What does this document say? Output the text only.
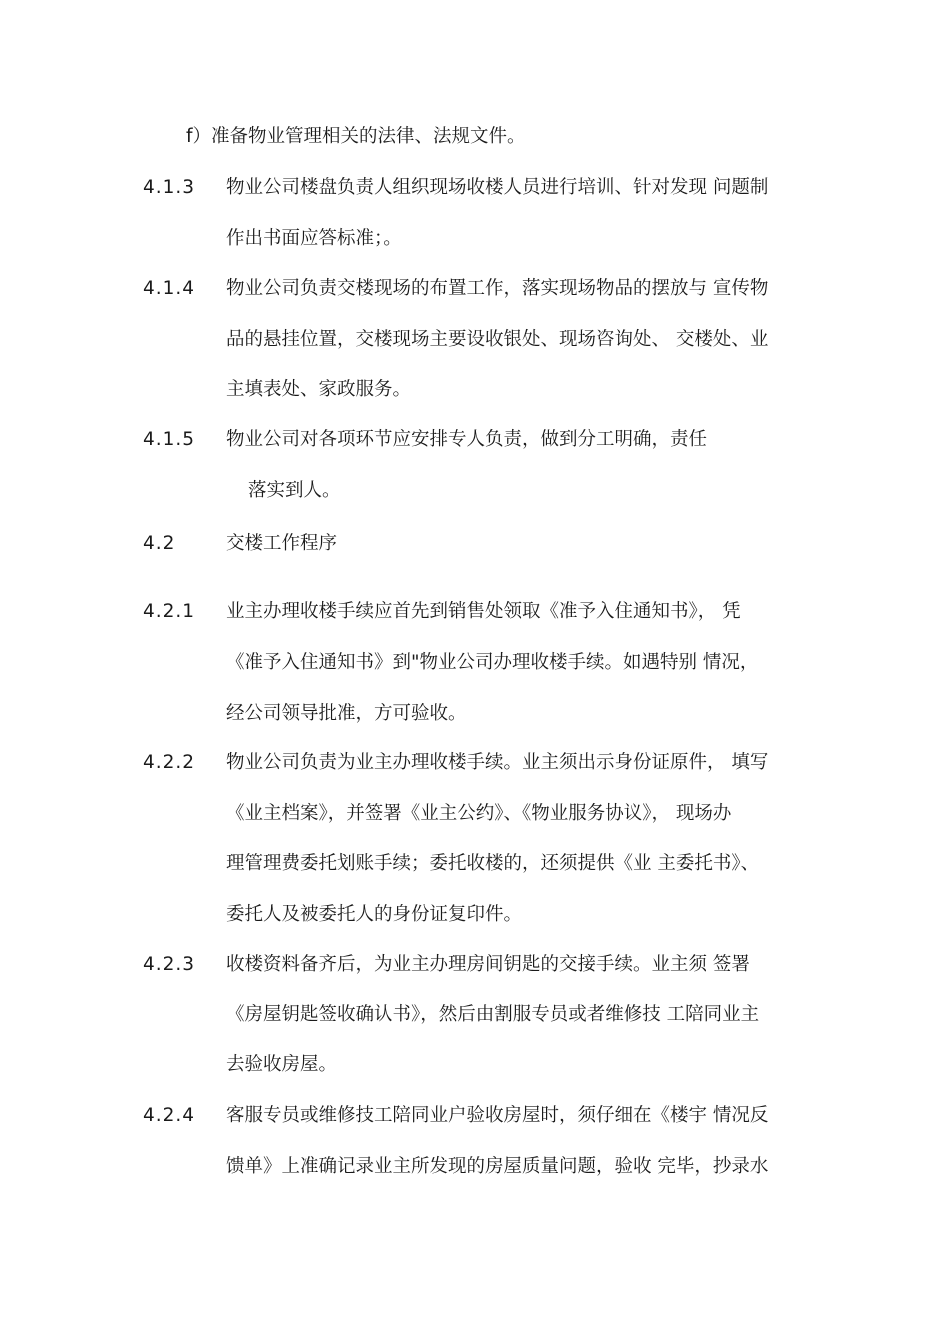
f）准备物业管理相关的法律、法规文件。
4.1.3 物业公司楼盘负责人组织现场收楼人员进行培训、针对发现 问题制
作出书面应答标准；。
4.1.4 物业公司负责交楼现场的布置工作，落实现场物品的摆放与 宣传物
品的悬挂位置，交楼现场主要设收银处、现场咨询处、 交楼处、业
主填表处、家政服务。
4.1.5 物业公司对各项环节应安排专人负责，做到分工明确，责任
落实到人。
4.2	交楼工作程序
4.2.1 业主办理收楼手续应首先到销售处领取《准予入住通知书》， 凭
《准予入住通知书》到"物业公司办理收楼手续。如遇特别 情况，
经公司领导批准，方可验收。
4.2.2 物业公司负责为业主办理收楼手续。业主须出示身份证原件， 填写
《业主档案》，并签署《业主公约》、《物业服务协议》， 现场办
理管理费委托划账手续；委托收楼的，还须提供《业 主委托书》、
委托人及被委托人的身份证复印件。
4.2.3 收楼资料备齐后，为业主办理房间钥匙的交接手续。业主须 签署
《房屋钥匙签收确认书》，然后由割服专员或者维修技 工陪同业主
去验收房屋。
4.2.4 客服专员或维修技工陪同业户验收房屋时，须仔细在《楼宇 情况反
馈单》上准确记录业主所发现的房屋质量问题，验收 完毕，抄录水
